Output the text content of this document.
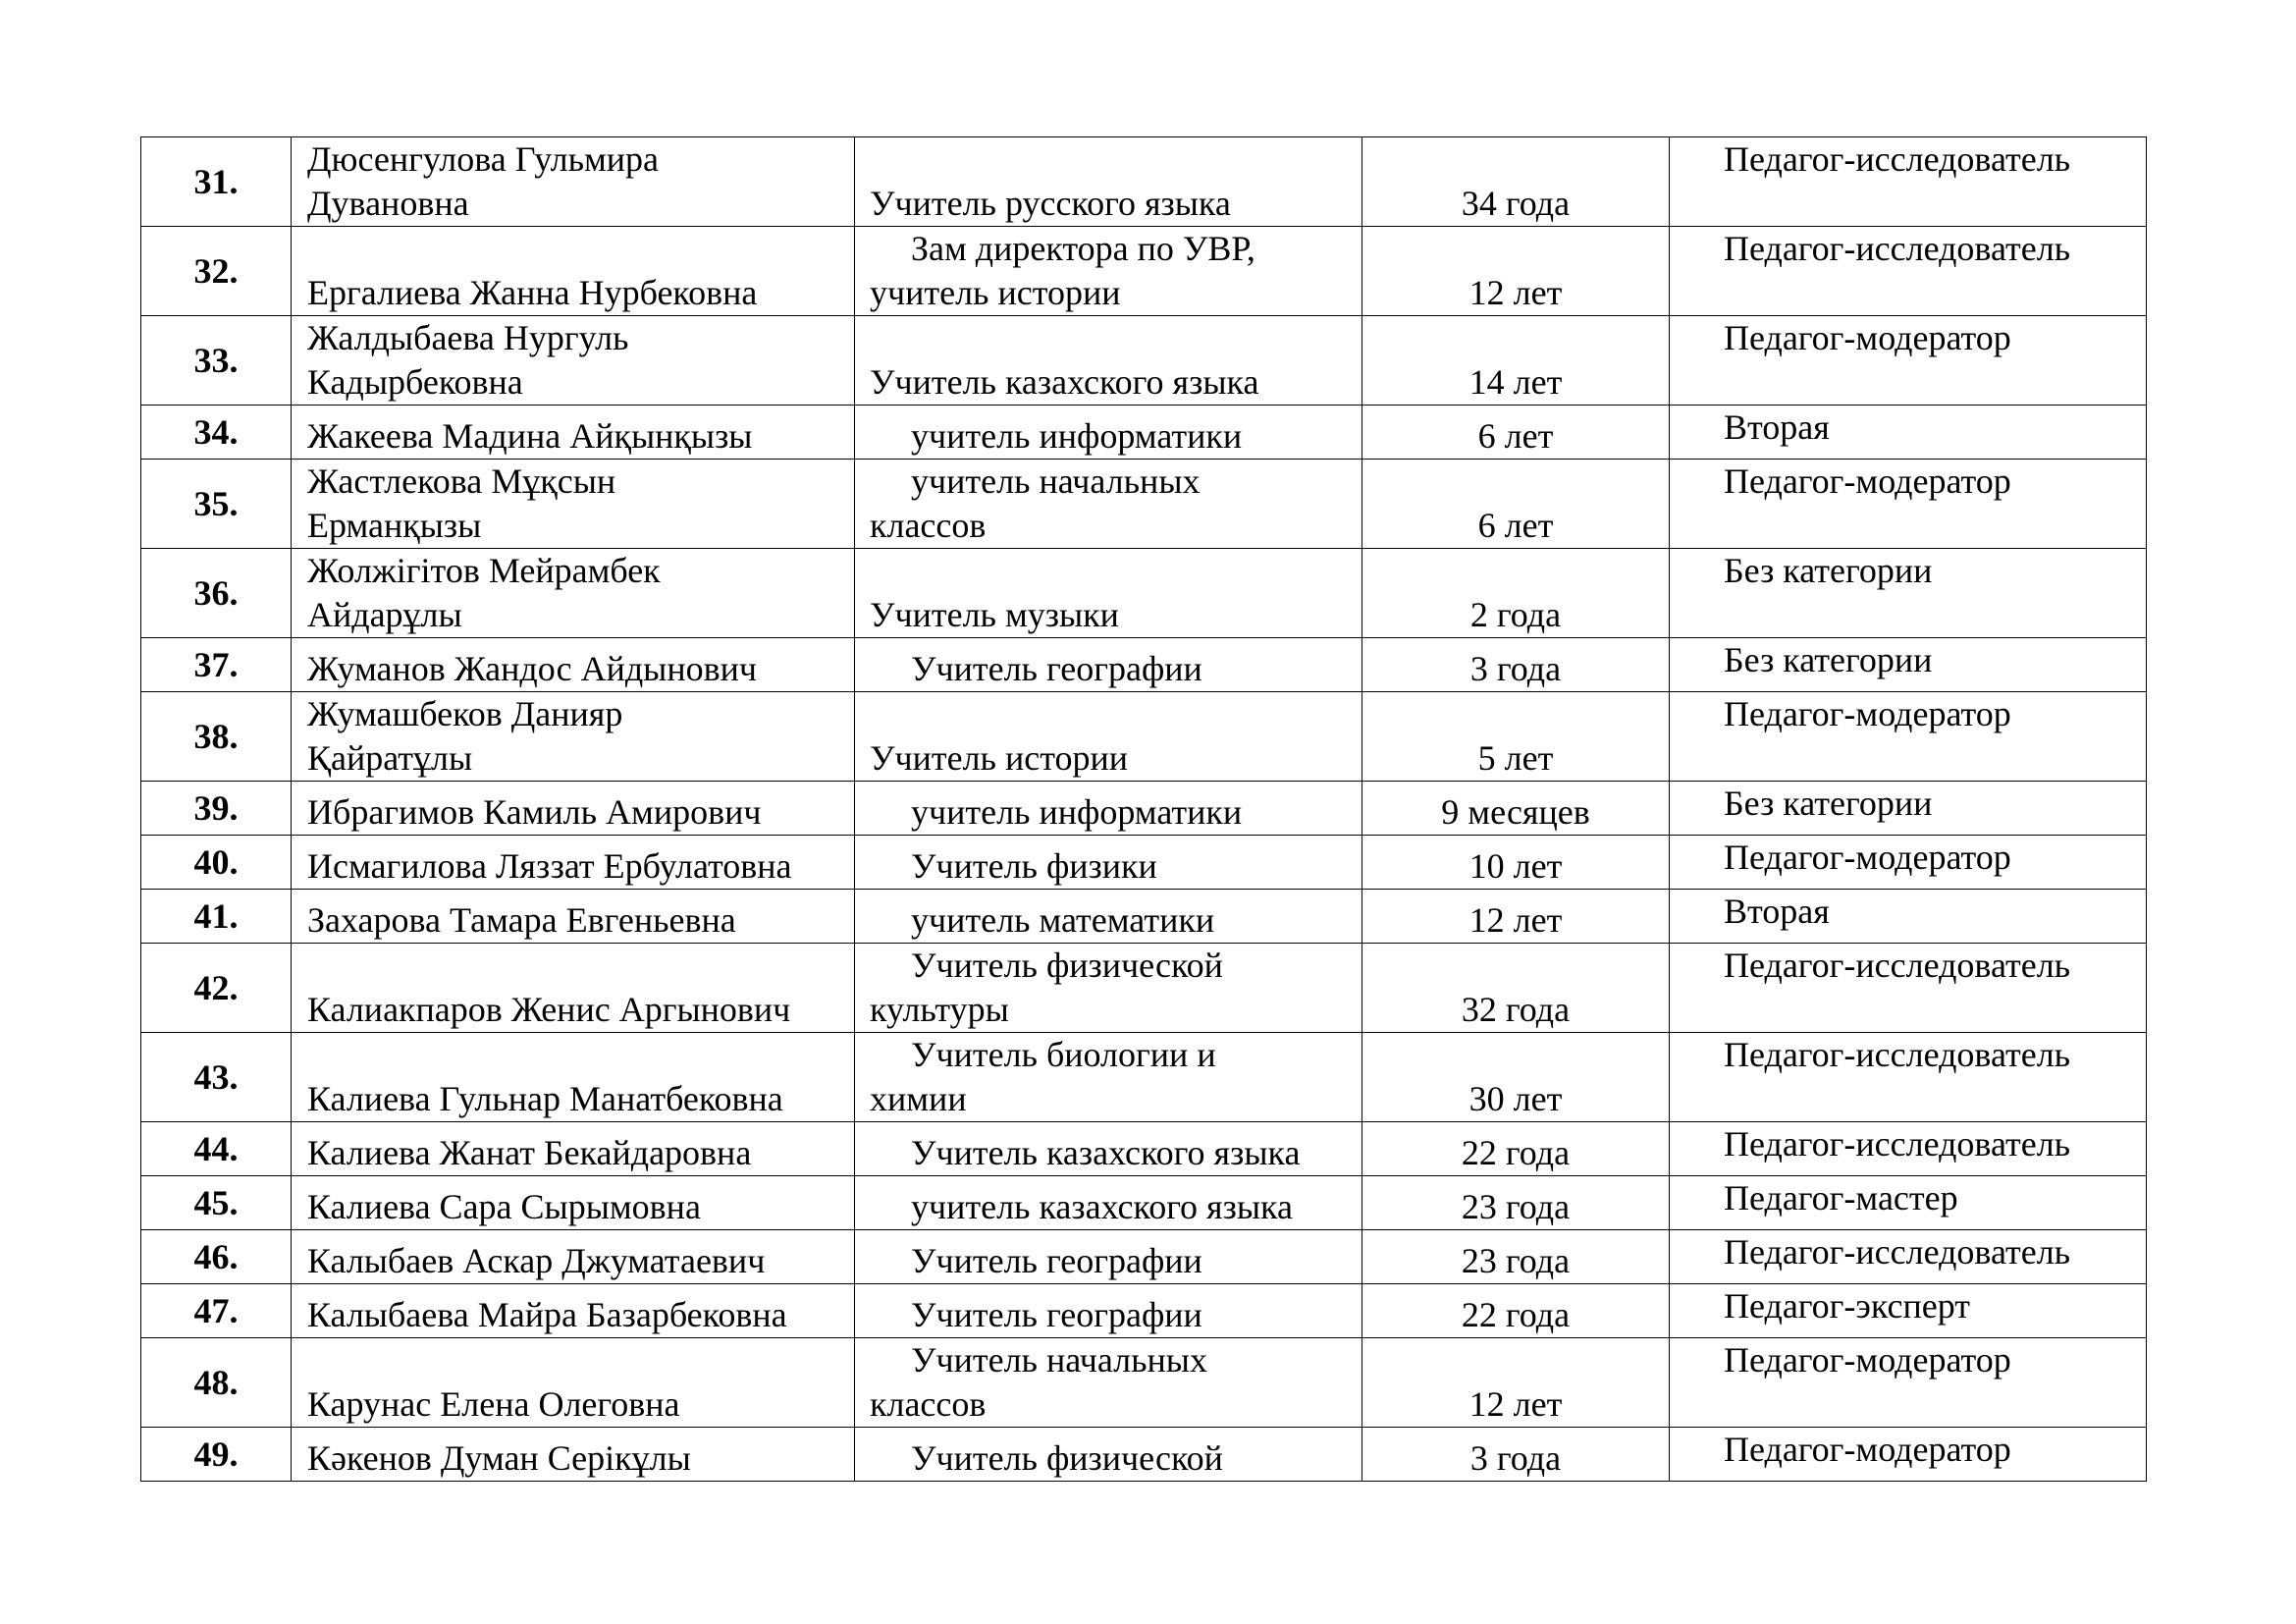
31.	Дюсенгулова Гульмира
Дувановна	Учитель русского языка	34 года	Педагог-исследователь
32.	Ергалиева Жанна Нурбековна	Зам директора по УВР,
учитель истории	12 лет	Педагог-исследователь
33.	Жалдыбаева Нургуль
Кадырбековна	Учитель казахского языка	14 лет	Педагог-модератор
34.	Жакеева Мадина Айқынқызы	учитель информатики	6 лет	Вторая
35.	Жастлекова Мұқсын
Ерманқызы	учитель начальных
классов	6 лет	Педагог-модератор
36.	Жолжігітов Мейрамбек
Айдарұлы	Учитель музыки	2 года	Без категории
37.	Жуманов Жандос Айдынович	Учитель географии	3 года	Без категории
38.	Жумашбеков Данияр
Қайратұлы	Учитель истории	5 лет	Педагог-модератор
39.	Ибрагимов Камиль Амирович	учитель информатики	9 месяцев	Без категории
40.	Исмагилова Ляззат Ербулатовна	Учитель физики	10 лет	Педагог-модератор
41.	Захарова Тамара Евгеньевна	учитель математики	12 лет	Вторая
42.	Калиакпаров Женис Аргынович	Учитель физической
культуры	32 года	Педагог-исследователь
43.	Калиева Гульнар Манатбековна	Учитель биологии и
химии	30 лет	Педагог-исследователь
44.	Калиева Жанат Бекайдаровна	Учитель казахского языка	22 года	Педагог-исследователь
45.	Калиева Сара Сырымовна	учитель казахского языка	23 года	Педагог-мастер
46.	Калыбаев Аскар Джуматаевич	Учитель географии	23 года	Педагог-исследователь
47.	Калыбаева Майра Базарбековна	Учитель географии	22 года	Педагог-эксперт
48.	Карунас Елена Олеговна	Учитель начальных
классов	12 лет	Педагог-модератор
49.	Кәкенов Думан Серікұлы	Учитель физической	3 года	Педагог-модератор
